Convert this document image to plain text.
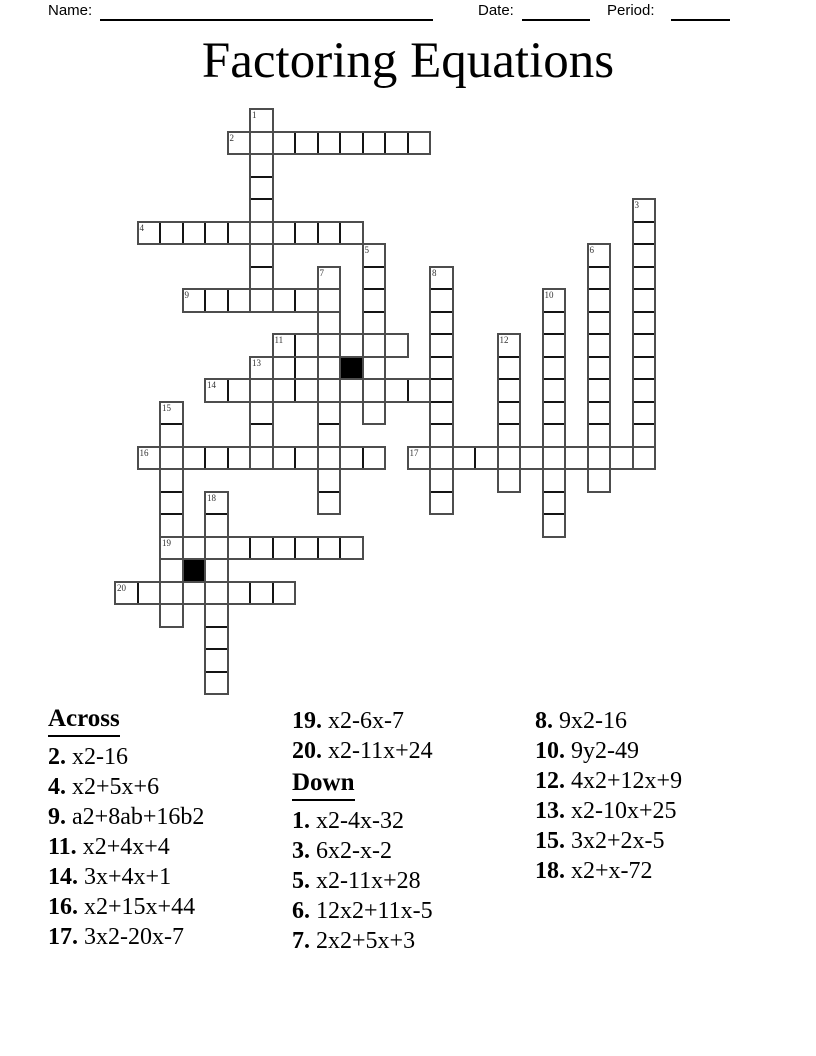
Name:	Date:	Period:
Factoring Equations
1
2
3
4
5	6
7	8
9	10
11	12
13
14
15
16	17
18
19
20
Across
2. x2-16
4. x2+5x+6
9. a2+8ab+16b2
11. x2+4x+4
14. 3x+4x+1
16. x2+15x+44
17. 3x2-20x-7
19. x2-6x-7
20. x2-11x+24
Down
1. x2-4x-32
3. 6x2-x-2
5. x2-11x+28
6. 12x2+11x-5
7. 2x2+5x+3
8. 9x2-16
10. 9y2-49
12. 4x2+12x+9
13. x2-10x+25
15. 3x2+2x-5
18. x2+x-72
